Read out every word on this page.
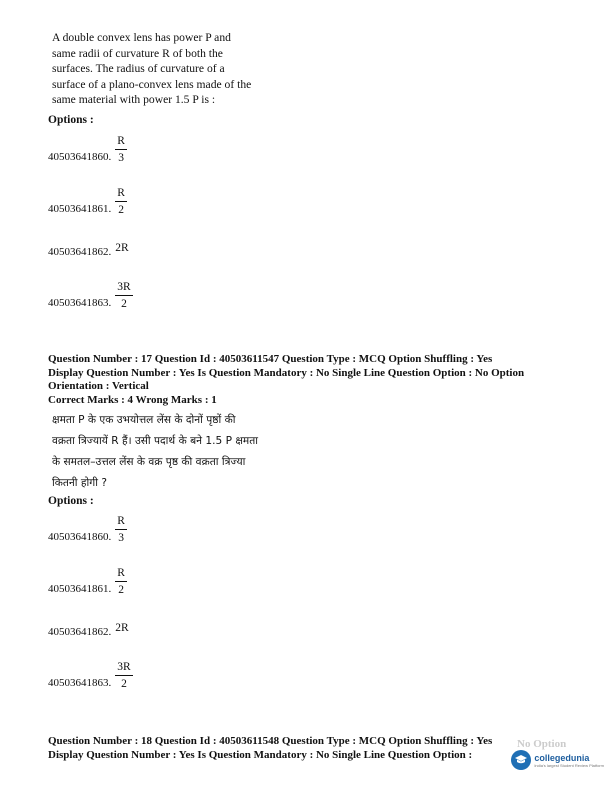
A double convex lens has power P and
same radii of curvature R of both the
surfaces. The radius of curvature of a
surface of a plano-convex lens made of the
same material with power 1.5 P is :
Options :
40503641860. $\frac{R}{3}$
40503641861. $\frac{R}{2}$
40503641862. 2R
40503641863. $\frac{3R}{2}$
Question Number : 17 Question Id : 40503611547 Question Type : MCQ Option Shuffling : Yes
Display Question Number : Yes Is Question Mandatory : No Single Line Question Option : No Option
Orientation : Vertical
Correct Marks : 4 Wrong Marks : 1
क्षमता P के एक उभयोत्तल लेंस के दोनों पृष्ठों की
वक्रता त्रिज्यायें R हैं। उसी पदार्थ के बने 1.5 P क्षमता
के समतल–उत्तल लेंस के वक्र पृष्ठ की वक्रता त्रिज्या
कितनी होगी ?
Options :
40503641860. $\frac{R}{3}$
40503641861. $\frac{R}{2}$
40503641862. 2R
40503641863. $\frac{3R}{2}$
Question Number : 18 Question Id : 40503611548 Question Type : MCQ Option Shuffling : Yes
Display Question Number : Yes Is Question Mandatory : No Single Line Question Option :
No Option
collegedunia
India's largest Student Review Platform
